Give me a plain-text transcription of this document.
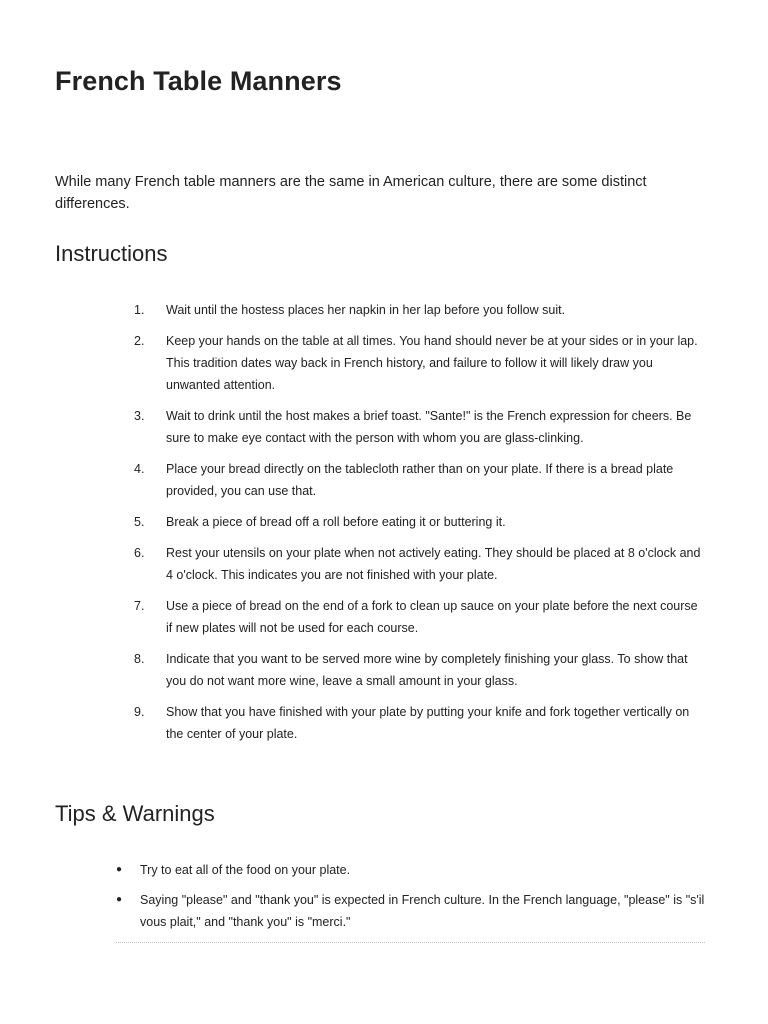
French Table Manners

While many French table manners are the same in American culture, there are some distinct differences.

Instructions
1.	Wait until the hostess places her napkin in her lap before you follow suit.
2.	Keep your hands on the table at all times. You hand should never be at your sides or in your lap. This tradition dates way back in French history, and failure to follow it will likely draw you unwanted attention.
3.	Wait to drink until the host makes a brief toast. "Sante!" is the French expression for cheers. Be sure to make eye contact with the person with whom you are glass-clinking.
4.	Place your bread directly on the tablecloth rather than on your plate. If there is a bread plate provided, you can use that.
5.	Break a piece of bread off a roll before eating it or buttering it.
6.	Rest your utensils on your plate when not actively eating. They should be placed at 8 o'clock and 4 o'clock. This indicates you are not finished with your plate.
7.	Use a piece of bread on the end of a fork to clean up sauce on your plate before the next course if new plates will not be used for each course.
8.	Indicate that you want to be served more wine by completely finishing your glass. To show that you do not want more wine, leave a small amount in your glass.
9.	Show that you have finished with your plate by putting your knife and fork together vertically on the center of your plate.
Tips & Warnings
● Try to eat all of the food on your plate.
● Saying "please" and "thank you" is expected in French culture. In the French language, "please" is "s'il vous plait," and "thank you" is "merci."
